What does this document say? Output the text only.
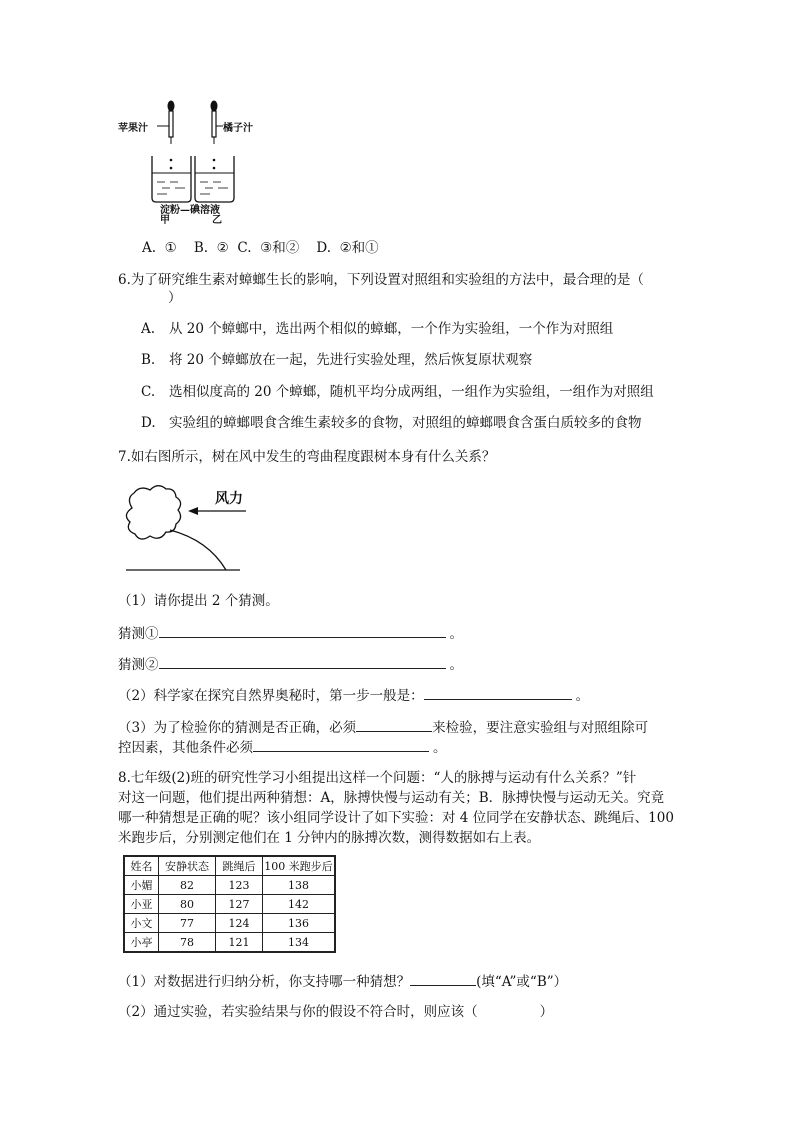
苹果汁	橘子汁
淀粉—碘溶液
甲	乙
A.  ①    B.  ②  C.  ③和②    D.  ②和①
6.为了研究维生素对蟑螂生长的影响，下列设置对照组和实验组的方法中，最合理的是（
）
A. 从 20 个蟑螂中，选出两个相似的蟑螂，一个作为实验组，一个作为对照组
B. 将 20 个蟑螂放在一起，先进行实验处理，然后恢复原状观察
C. 选相似度高的 20 个蟑螂，随机平均分成两组，一组作为实验组，一组作为对照组
D. 实验组的蟑螂喂食含维生素较多的食物，对照组的蟑螂喂食含蛋白质较多的食物
7.如右图所示，树在风中发生的弯曲程度跟树本身有什么关系？
风力
（1）请你提出 2 个猜测。
猜测①	。
猜测②	。
（2）科学家在探究自然界奥秘时，第一步一般是：	。
（3）为了检验你的猜测是否正确，必须	来检验，要注意实验组与对照组除可
控因素，其他条件必须	。
8.七年级(2)班的研究性学习小组提出这样一个问题：“人的脉搏与运动有什么关系？”针
对这一问题，他们提出两种猜想：A，脉搏快慢与运动有关；B．脉搏快慢与运动无关。究竟
哪一种猜想是正确的呢？该小组同学设计了如下实验：对 4 位同学在安静状态、跳绳后、100
米跑步后，分别测定他们在 1 分钟内的脉搏次数，测得数据如右上表。
姓名	安静状态	跳绳后	100 米跑步后
小媚	82	123	138
小亚	80	127	142
小文	77	124	136
小亭	78	121	134
（1）对数据进行归纳分析，你支持哪一种猜想？	(填“A”或“B”）
（2）通过实验，若实验结果与你的假设不符合时，则应该（	）
